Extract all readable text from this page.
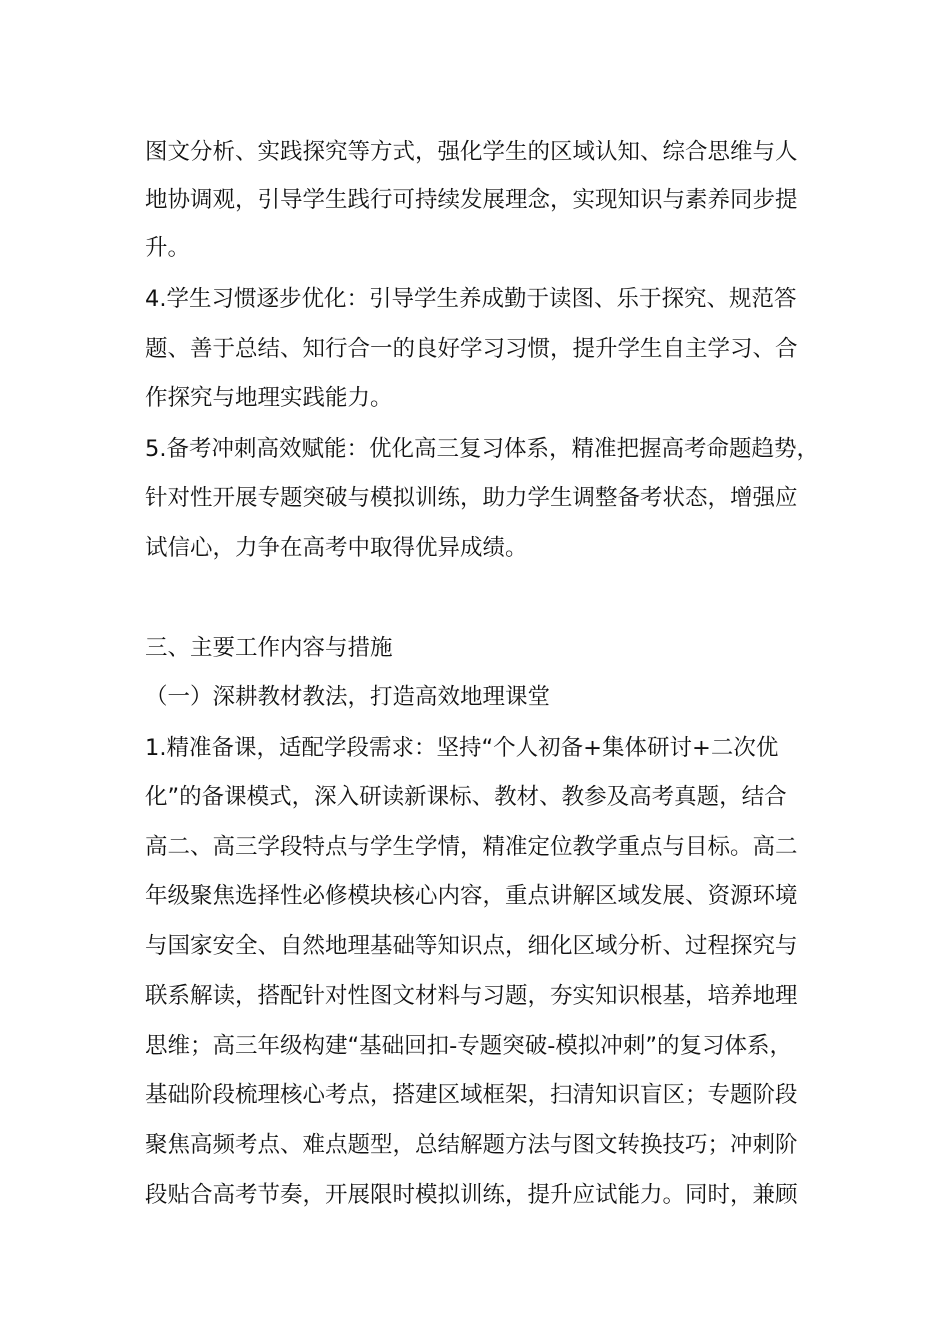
图文分析、实践探究等方式，强化学生的区域认知、综合思维与人
地协调观，引导学生践行可持续发展理念，实现知识与素养同步提
升。
4.学生习惯逐步优化：引导学生养成勤于读图、乐于探究、规范答
题、善于总结、知行合一的良好学习习惯，提升学生自主学习、合
作探究与地理实践能力。
5.备考冲刺高效赋能：优化高三复习体系，精准把握高考命题趋势，
针对性开展专题突破与模拟训练，助力学生调整备考状态，增强应
试信心，力争在高考中取得优异成绩。
三、主要工作内容与措施
（一）深耕教材教法，打造高效地理课堂
1.精准备课，适配学段需求：坚持“个人初备+集体研讨+二次优
化”的备课模式，深入研读新课标、教材、教参及高考真题，结合
高二、高三学段特点与学生学情，精准定位教学重点与目标。高二
年级聚焦选择性必修模块核心内容，重点讲解区域发展、资源环境
与国家安全、自然地理基础等知识点，细化区域分析、过程探究与
联系解读，搭配针对性图文材料与习题，夯实知识根基，培养地理
思维；高三年级构建“基础回扣-专题突破-模拟冲刺”的复习体系，
基础阶段梳理核心考点，搭建区域框架，扫清知识盲区；专题阶段
聚焦高频考点、难点题型，总结解题方法与图文转换技巧；冲刺阶
段贴合高考节奏，开展限时模拟训练，提升应试能力。同时，兼顾
